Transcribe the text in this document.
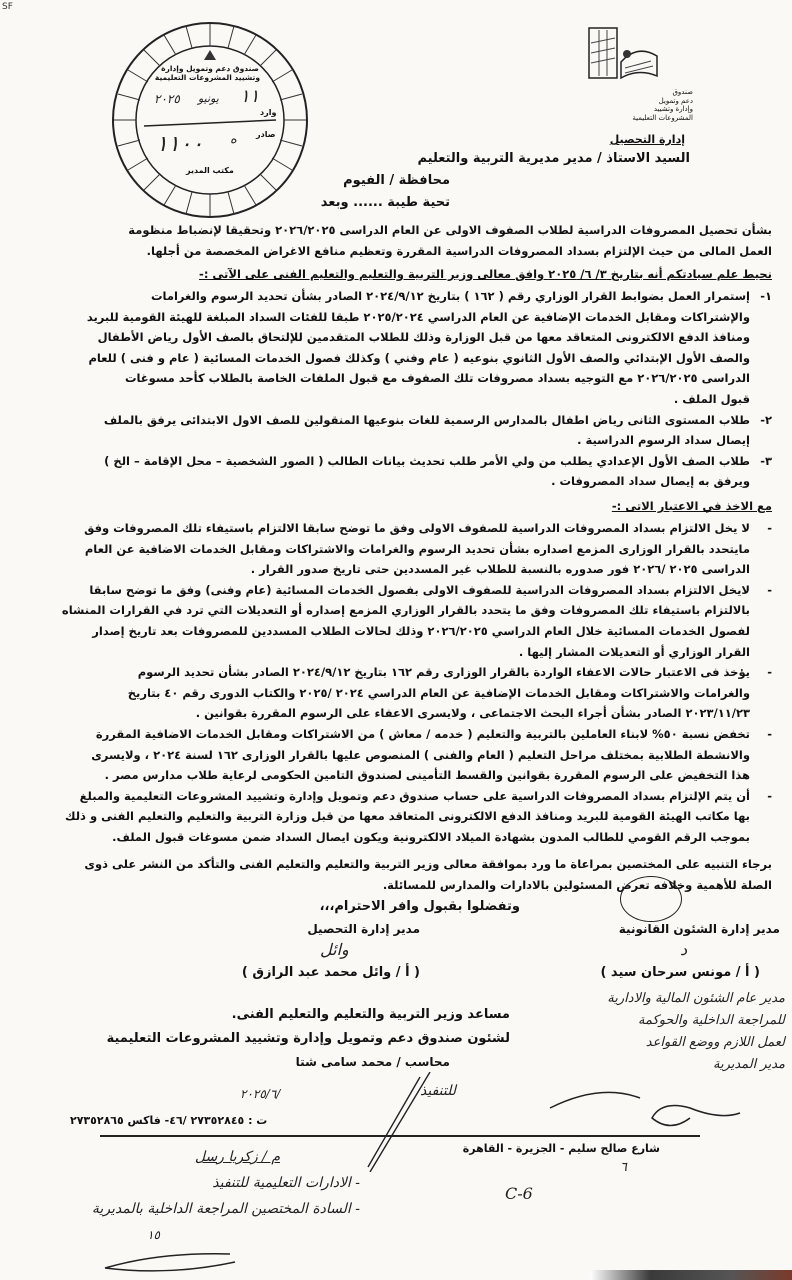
SF
صندوق
دعم وتمويل
وإدارة وتشييد
المشروعات التعليمية
إدارة التحصيل
صندوق دعم وتمويل وإدارة
وتشييد المشروعات التعليمية
١١
يونيو
٢٠٢٥
وارد
صادر
١١٠٠ ه
مكتب المدير
السيد الاستاذ / مدير مديرية التربية والتعليم
محافظة / الفيوم
تحية طيبة ...... وبعد
بشأن تحصيل المصروفات الدراسية لطلاب الصفوف الاولى عن العام الدراسى ٢٠٢٦/٢٠٢٥ وتحقيقا لإنضباط منظومة
العمل المالى من حيث الإلتزام بسداد المصروفات الدراسية المقررة وتعظيم منافع الاغراض المخصصة من أجلها.
نحيط علم سيادتكم أنه بتاريخ ٣/ ٦/ ٢٠٢٥ وافق معالى وزير التربية والتعليم والتعليم الفنى على الآتى :-
١-
إستمرار العمل بضوابط القرار الوزاري رقم ( ١٦٢ ) بتاريخ ٢٠٢٤/٩/١٢ الصادر بشأن تحديد الرسوم والغرامات
والإشتراكات ومقابل الخدمات الإضافية عن العام الدراسي ٢٠٢٥/٢٠٢٤ طبقا للفئات السداد المبلغة للهيئة القومية للبريد
ومنافذ الدفع الالكترونى المتعاقد معها من قبل الوزارة وذلك للطلاب المتقدمين للإلتحاق بالصف الأول رياض الأطفال
والصف الأول الإبتدائي والصف الأول الثانوي بنوعيه ( عام وفني ) وكذلك فصول الخدمات المسائية ( عام و فنى ) للعام
الدراسى ٢٠٢٦/٢٠٢٥ مع التوجيه بسداد مصروفات تلك الصفوف مع قبول الملفات الخاصة بالطلاب كأحد مسوغات
قبول الملف .
٢-
طلاب المستوى الثانى رياض اطفال بالمدارس الرسمية للغات بنوعيها المنقولين للصف الاول الابتدائى يرفق بالملف
إيصال سداد الرسوم الدراسية .
٣-
طلاب الصف الأول الإعدادي يطلب من ولي الأمر طلب تحديث بيانات الطالب ( الصور الشخصية – محل الإقامة – الخ )
ويرفق به إيصال سداد المصروفات .
مع الاخذ في الاعتبار الاتى :-
-
لا يخل الالتزام بسداد المصروفات الدراسية للصفوف الاولى وفق ما توضح سابقا الالتزام باستيفاء تلك المصروفات وفق
مايتحدد بالقرار الوزارى المزمع اصداره بشأن تحديد الرسوم والغرامات والاشتراكات ومقابل الخدمات الاضافية عن العام
الدراسى ٢٠٢٥ /٢٠٢٦ فور صدوره بالنسبة للطلاب غير المسددين حتى تاريخ صدور القرار .
-
لايخل الالتزام بسداد المصروفات الدراسية للصفوف الاولى بفصول الخدمات المسائية (عام وفنى) وفق ما توضح سابقا
بالالتزام باستيفاء تلك المصروفات وفق ما يتحدد بالقرار الوزاري المزمع إصداره أو التعديلات التي ترد في القرارات المنشاه
لفصول الخدمات المسائية خلال العام الدراسي ٢٠٢٦/٢٠٢٥ وذلك لحالات الطلاب المسددين للمصروفات بعد تاريخ إصدار
القرار الوزاري أو التعديلات المشار إليها .
-
يؤخذ فى الاعتبار حالات الاعفاء الواردة بالقرار الوزارى رقم ١٦٢ بتاريخ ٢٠٢٤/٩/١٢ الصادر بشأن تحديد الرسوم
والغرامات والاشتراكات ومقابل الخدمات الإضافية عن العام الدراسي ٢٠٢٤ /٢٠٢٥ والكتاب الدورى رقم ٤٠ بتاريخ
٢٠٢٣/١١/٢٣ الصادر بشأن أجراء البحث الاجتماعى ، ولايسرى الاعفاء على الرسوم المقررة بقوانين .
-
تخفض نسبة ٥٠% لابناء العاملين بالتربية والتعليم ( خدمه / معاش ) من الاشتراكات ومقابل الخدمات الاضافية المقررة
والانشطة الطلابية بمختلف مراحل التعليم ( العام والفنى ) المنصوص عليها بالقرار الوزارى ١٦٢ لسنة ٢٠٢٤ ، ولايسرى
هذا التخفيض على الرسوم المقررة بقوانين والقسط التأمينى لصندوق التامين الحكومى لرعاية طلاب مدارس مصر .
-
أن يتم الإلتزام بسداد المصروفات الدراسية على حساب صندوق دعم وتمويل وإدارة وتشييد المشروعات التعليمية والمبلغ
بها مكاتب الهيئة القومية للبريد ومنافذ الدفع الالكترونى المتعاقد معها من قبل وزارة التربية والتعليم والتعليم الفنى و ذلك
بموجب الرقم القومي للطالب المدون بشهادة الميلاد الالكترونية ويكون ايصال السداد ضمن مسوغات قبول الملف.
برجاء التنبيه على المختصين بمراعاة ما ورد بموافقة معالى وزير التربية والتعليم والتعليم الفنى والتأكد من النشر على ذوى
الصلة للأهمية وخلافه تعرض المسئولين بالادارات والمدارس للمسائلة.
وتفضلوا بقبول وافر الاحترام،،،
مدير إدارة التحصيل
وائل
( أ / وائل محمد عبد الرازق )
مدير إدارة الشئون القانونية
د
( أ / مونس سرحان سيد )
مساعد وزير التربية والتعليم والتعليم الفنى.
لشئون صندوق دعم وتمويل وإدارة وتشييد المشروعات التعليمية
محاسب / محمد سامى شتا
مدير عام الشئون المالية والادارية
للمراجعة الداخلية والحوكمة
لعمل اللازم ووضع القواعد
مدير المديرية
للتنفيذ
٢٠٢٥/٦/
ت : ٢٧٣٥٢٨٤٥ /٤٦- فاكس ٢٧٣٥٢٨٦٥
شارع صالح سليم - الجزيرة - القاهرة
٦
م / زكريا رسل
- الادارات التعليمية للتنفيذ
- السادة المختصين المراجعة الداخلية بالمديرية
١٥
C-6
